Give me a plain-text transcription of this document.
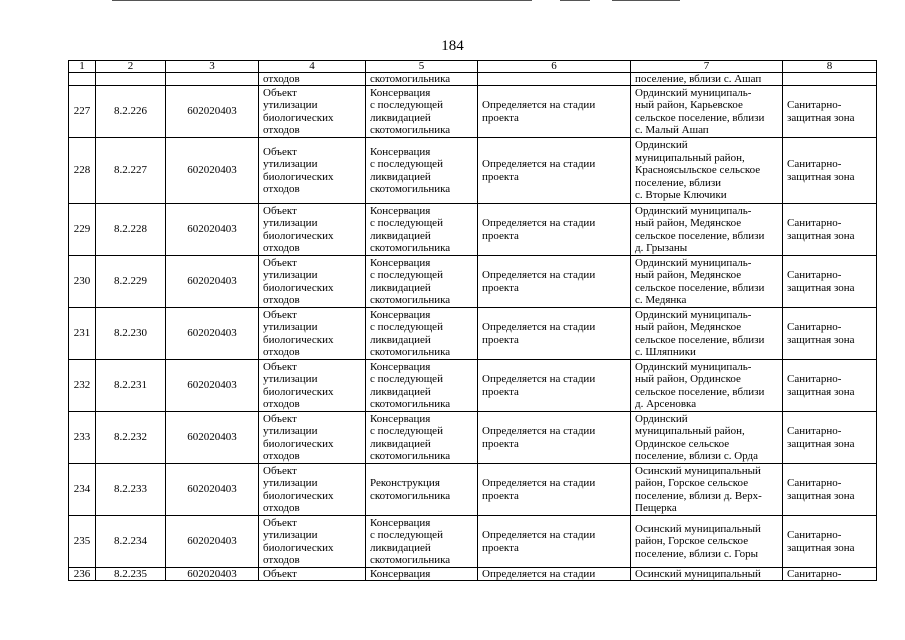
184
1	2	3	4	5	6	7	8
			отходов	скотомогильника		поселение, вблизи с. Ашап	
227	8.2.226	602020403	Объект
утилизации
биологических
отходов	Консервация
с последующей
ликвидацией
скотомогильника	Определяется на стадии
проекта	Ординский муниципаль-
ный район, Карьевское
сельское поселение, вблизи
с. Малый Ашап	Санитарно-
защитная зона
228	8.2.227	602020403	Объект
утилизации
биологических
отходов	Консервация
с последующей
ликвидацией
скотомогильника	Определяется на стадии
проекта	Ординский
муниципальный район,
Красноясыльское сельское
поселение, вблизи
с. Вторые Ключики	Санитарно-
защитная зона
229	8.2.228	602020403	Объект
утилизации
биологических
отходов	Консервация
с последующей
ликвидацией
скотомогильника	Определяется на стадии
проекта	Ординский муниципаль-
ный район, Медянское
сельское поселение, вблизи
д. Грызаны	Санитарно-
защитная зона
230	8.2.229	602020403	Объект
утилизации
биологических
отходов	Консервация
с последующей
ликвидацией
скотомогильника	Определяется на стадии
проекта	Ординский муниципаль-
ный район, Медянское
сельское поселение, вблизи
с. Медянка	Санитарно-
защитная зона
231	8.2.230	602020403	Объект
утилизации
биологических
отходов	Консервация
с последующей
ликвидацией
скотомогильника	Определяется на стадии
проекта	Ординский муниципаль-
ный район, Медянское
сельское поселение, вблизи
с. Шляпники	Санитарно-
защитная зона
232	8.2.231	602020403	Объект
утилизации
биологических
отходов	Консервация
с последующей
ликвидацией
скотомогильника	Определяется на стадии
проекта	Ординский муниципаль-
ный район, Ординское
сельское поселение, вблизи
д. Арсеновка	Санитарно-
защитная зона
233	8.2.232	602020403	Объект
утилизации
биологических
отходов	Консервация
с последующей
ликвидацией
скотомогильника	Определяется на стадии
проекта	Ординский
муниципальный район,
Ординское сельское
поселение, вблизи с. Орда	Санитарно-
защитная зона
234	8.2.233	602020403	Объект
утилизации
биологических
отходов	Реконструкция
скотомогильника	Определяется на стадии
проекта	Осинский муниципальный
район, Горское сельское
поселение, вблизи д. Верх-
Пещерка	Санитарно-
защитная зона
235	8.2.234	602020403	Объект
утилизации
биологических
отходов	Консервация
с последующей
ликвидацией
скотомогильника	Определяется на стадии
проекта	Осинский муниципальный
район, Горское сельское
поселение, вблизи с. Горы	Санитарно-
защитная зона
236	8.2.235	602020403	Объект	Консервация	Определяется на стадии	Осинский муниципальный	Санитарно-
